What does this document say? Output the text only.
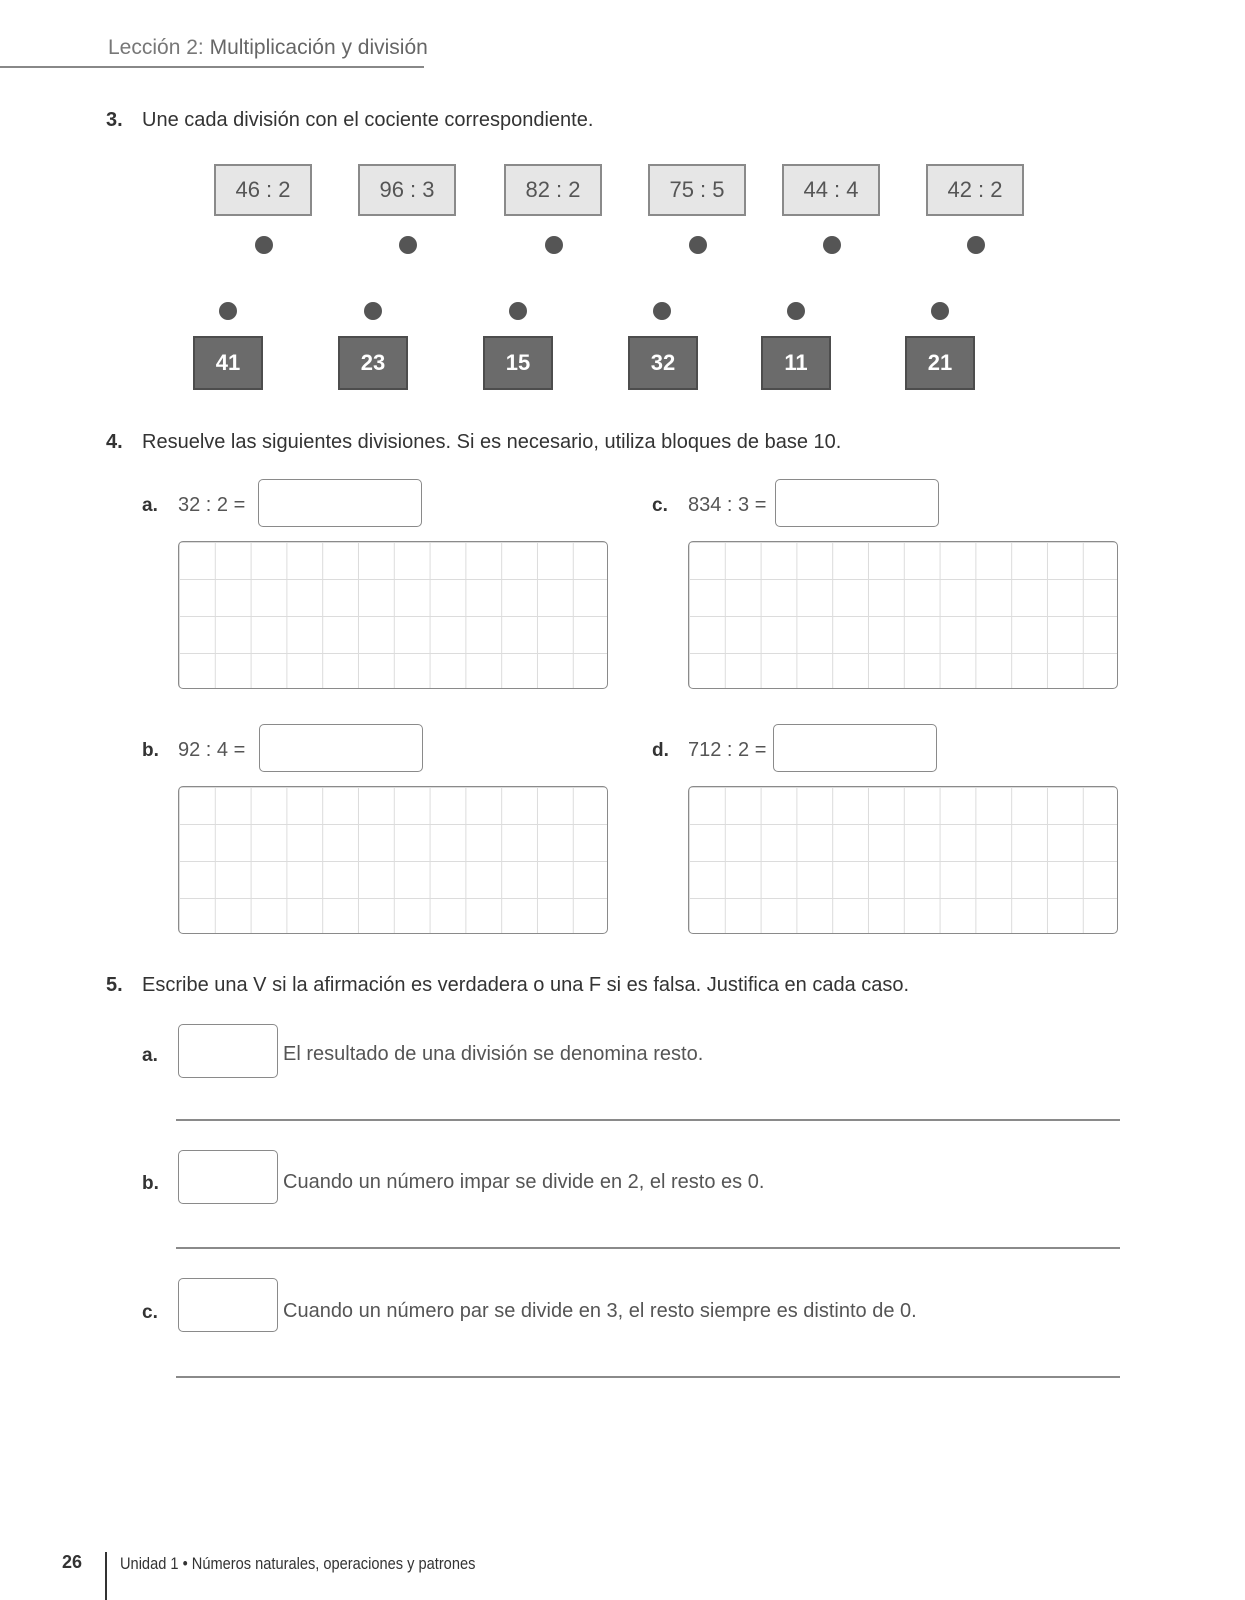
Lección 2: Multiplicación y división
3. Une cada división con el cociente correspondiente.
46 : 2	96 : 3	82 : 2	75 : 5	44 : 4	42 : 2
41	23	15	32	11	21
4. Resuelve las siguientes divisiones. Si es necesario, utiliza bloques de base 10.
a. 32 : 2 =	c. 834 : 3 =
b. 92 : 4 =	d. 712 : 2 =
5. Escribe una V si la afirmación es verdadera o una F si es falsa. Justifica en cada caso.
a.	El resultado de una división se denomina resto.
b.	Cuando un número impar se divide en 2, el resto es 0.
c.	Cuando un número par se divide en 3, el resto siempre es distinto de 0.
26 Unidad 1 • Números naturales, operaciones y patrones
